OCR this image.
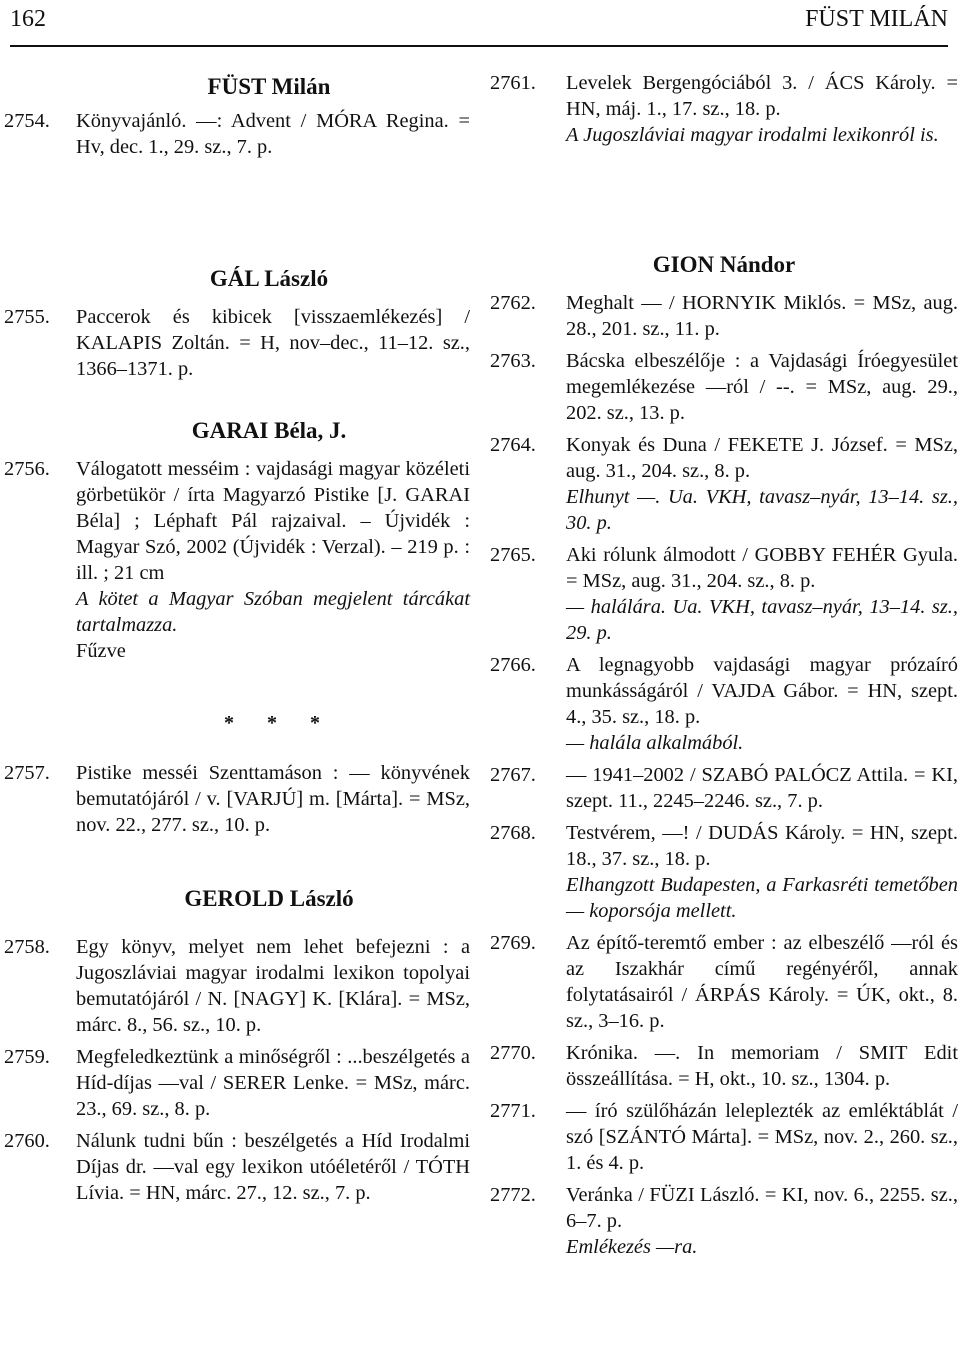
162	FÜST MILÁN
FÜST Milán
2754.	Könyvajánló. —: Advent / MÓRA Regina. = Hv, dec. 1., 29. sz., 7. p.
GÁL László
2755.	Paccerok és kibicek [visszaemlékezés] / KALAPIS Zoltán. = H, nov–dec., 11–12. sz., 1366–1371. p.
GARAI Béla, J.
2756.	Válogatott messéim : vajdasági magyar közéleti görbetükör / írta Magyarzó Pistike [J. GARAI Béla] ; Léphaft Pál rajzaival. – Újvidék : Magyar Szó, 2002 (Újvidék : Verzal). – 219 p. : ill. ; 21 cm
A kötet a Magyar Szóban megjelent tárcákat tartalmazza.
Fűzve
* * *
2757.	Pistike messéi Szenttamáson : — könyvének bemutatójáról / v. [VARJÚ] m. [Márta]. = MSz, nov. 22., 277. sz., 10. p.
GEROLD László
2758.	Egy könyv, melyet nem lehet befejezni : a Jugoszláviai magyar irodalmi lexikon topolyai bemutatójáról / N. [NAGY] K. [Klára]. = MSz, márc. 8., 56. sz., 10. p.
2759.	Megfeledkeztünk a minőségről : ...beszélgetés a Híd-díjas —val / SERER Lenke. = MSz, márc. 23., 69. sz., 8. p.
2760.	Nálunk tudni bűn : beszélgetés a Híd Irodalmi Díjas dr. —val egy lexikon utóéletéről / TÓTH Lívia. = HN, márc. 27., 12. sz., 7. p.
2761.	Levelek Bergengóciából 3. / ÁCS Károly. = HN, máj. 1., 17. sz., 18. p.
A Jugoszláviai magyar irodalmi lexikonról is.
GION Nándor
2762.	Meghalt — / HORNYIK Miklós. = MSz, aug. 28., 201. sz., 11. p.
2763.	Bácska elbeszélője : a Vajdasági Íróegyesület megemlékezése —ról / --. = MSz, aug. 29., 202. sz., 13. p.
2764.	Konyak és Duna / FEKETE J. József. = MSz, aug. 31., 204. sz., 8. p.
Elhunyt —. Ua. VKH, tavasz–nyár, 13–14. sz., 30. p.
2765.	Aki rólunk álmodott / GOBBY FEHÉR Gyula. = MSz, aug. 31., 204. sz., 8. p.
— halálára. Ua. VKH, tavasz–nyár, 13–14. sz., 29. p.
2766.	A legnagyobb vajdasági magyar prózaíró munkásságáról / VAJDA Gábor. = HN, szept. 4., 35. sz., 18. p.
— halála alkalmából.
2767.	— 1941–2002 / SZABÓ PALÓCZ Attila. = KI, szept. 11., 2245–2246. sz., 7. p.
2768.	Testvérem, —! / DUDÁS Károly. = HN, szept. 18., 37. sz., 18. p.
Elhangzott Budapesten, a Farkasréti temetőben — koporsója mellett.
2769.	Az építő-teremtő ember : az elbeszélő —ról és az Iszakhár című regényéről, annak folytatásairól / ÁRPÁS Károly. = ÚK, okt., 8. sz., 3–16. p.
2770.	Krónika. —. In memoriam / SMIT Edit összeállítása. = H, okt., 10. sz., 1304. p.
2771.	— író szülőházán leleplezték az emléktáblát / szó [SZÁNTÓ Márta]. = MSz, nov. 2., 260. sz., 1. és 4. p.
2772.	Veránka / FÜZI László. = KI, nov. 6., 2255. sz., 6–7. p.
Emlékezés —ra.
